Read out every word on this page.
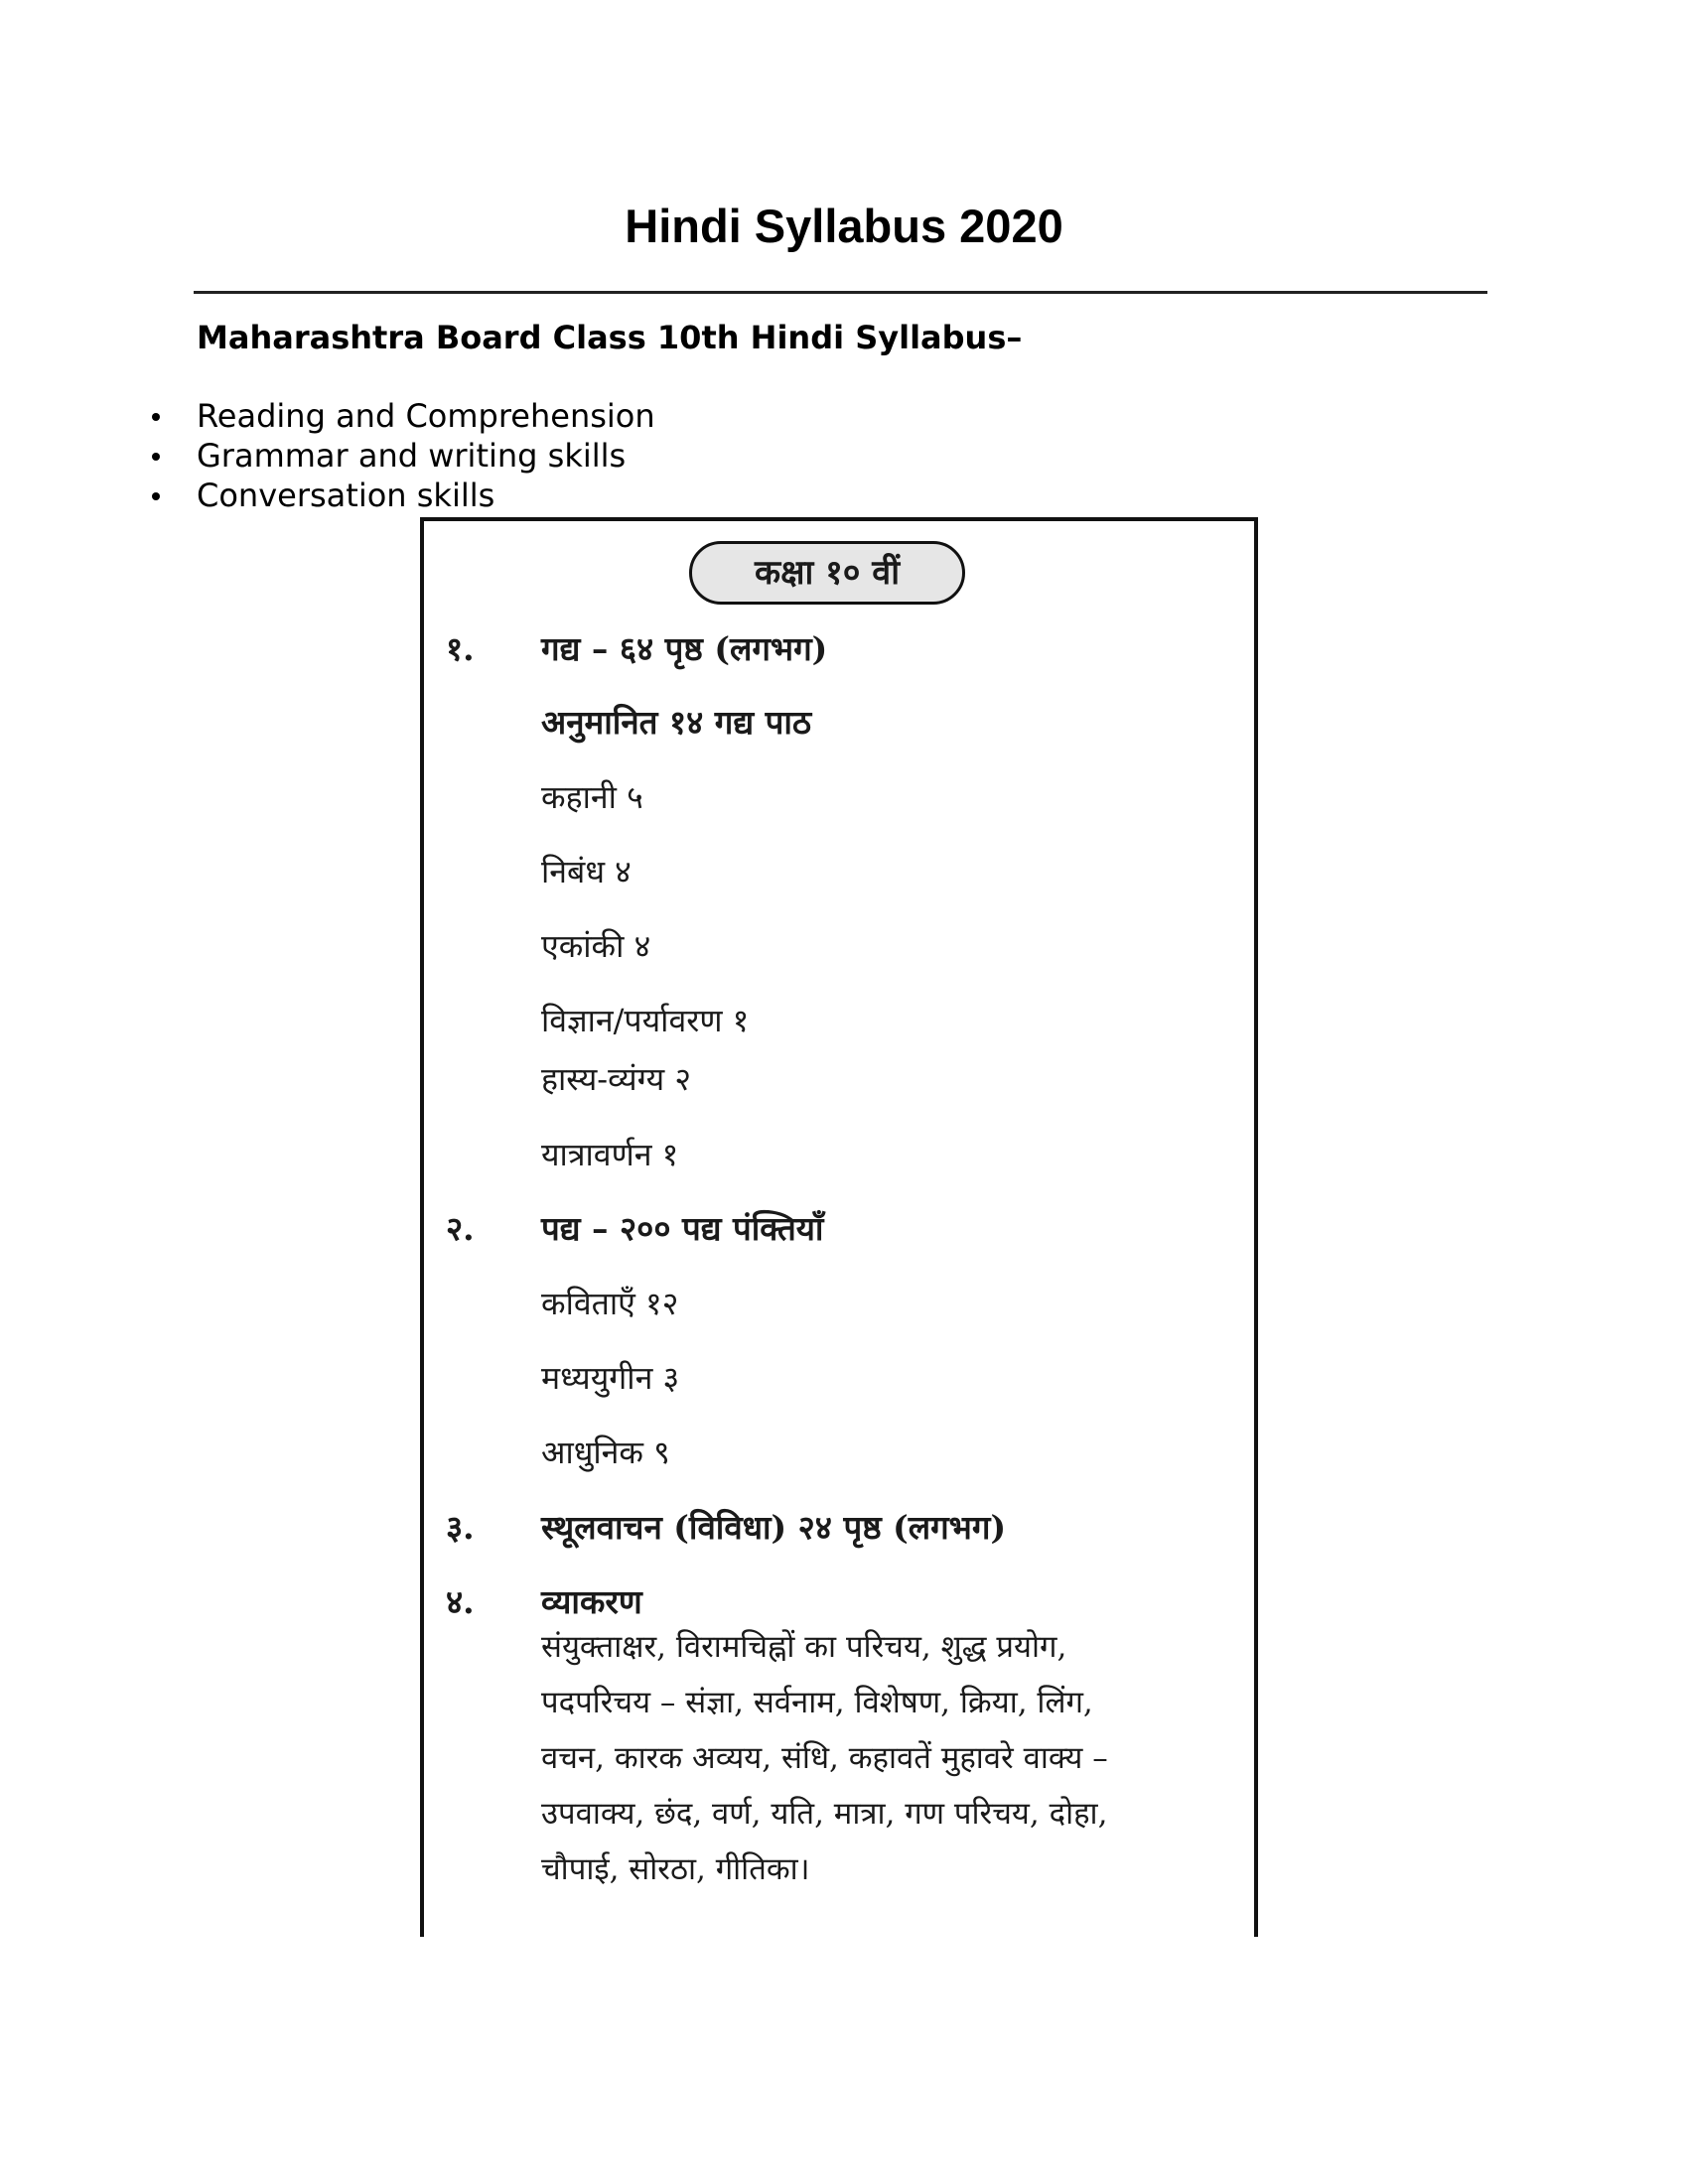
Hindi Syllabus 2020
Maharashtra Board Class 10th Hindi Syllabus–
Reading and Comprehension
Grammar and writing skills
Conversation skills
कक्षा १० वीं
१. गद्य – ६४ पृष्ठ (लगभग)
अनुमानित १४ गद्य पाठ
कहानी ५
निबंध ४
एकांकी ४
विज्ञान/पर्यावरण १
हास्य-व्यंग्य २
यात्रावर्णन १
२. पद्य – २०० पद्य पंक्तियाँ
कविताएँ १२
मध्ययुगीन ३
आधुनिक ९
३. स्थूलवाचन (विविधा) २४ पृष्ठ (लगभग)
४. व्याकरण
संयुक्ताक्षर, विरामचिह्नों का परिचय, शुद्ध प्रयोग,
पदपरिचय – संज्ञा, सर्वनाम, विशेषण, क्रिया, लिंग,
वचन, कारक अव्यय, संधि, कहावतें मुहावरे वाक्य –
उपवाक्य, छंद, वर्ण, यति, मात्रा, गण परिचय, दोहा,
चौपाई, सोरठा, गीतिका।
